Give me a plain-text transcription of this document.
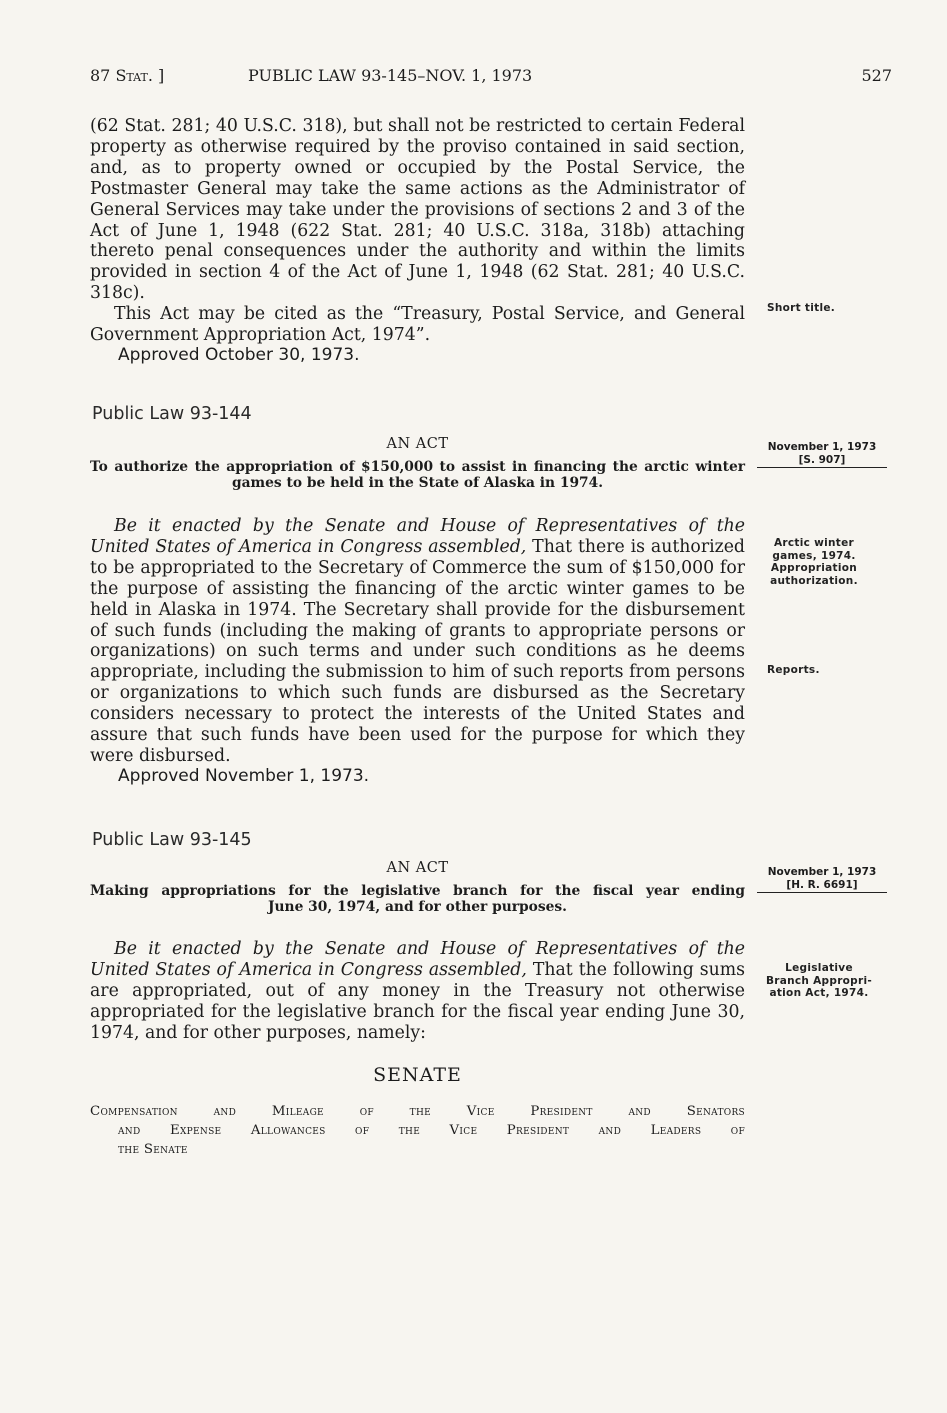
87 Stat. ]	PUBLIC LAW 93-145–NOV. 1, 1973	527

(62 Stat. 281; 40 U.S.C. 318), but shall not be restricted to certain Federal property as otherwise required by the proviso contained in said section, and, as to property owned or occupied by the Postal Service, the Postmaster General may take the same actions as the Administrator of General Services may take under the provisions of sections 2 and 3 of the Act of June 1, 1948 (622 Stat. 281; 40 U.S.C. 318a, 318b) attaching thereto penal consequences under the authority and within the limits provided in section 4 of the Act of June 1, 1948 (62 Stat. 281; 40 U.S.C. 318c).

This Act may be cited as the “Treasury, Postal Service, and General Government Appropriation Act, 1974”.

Short title.
Approved October 30, 1973.
Public Law 93-144
AN ACT	November 1, 1973
[S. 907]
To authorize the appropriation of $150,000 to assist in financing the arctic winter
games to be held in the State of Alaska in 1974.

Be it enacted by the Senate and House of Representatives of the United States of America in Congress assembled, That there is authorized to be appropriated to the Secretary of Commerce the sum of $150,000 for the purpose of assisting the financing of the arctic winter games to be held in Alaska in 1974. The Secretary shall provide for the disbursement of such funds (including the making of grants to appropriate persons or organizations) on such terms and under such conditions as he deems appropriate, including the submission to him of such reports from persons or organizations to which such funds are disbursed as the Secretary considers necessary to protect the interests of the United States and assure that such funds have been used for the purpose for which they were disbursed.

Arctic winter
games, 1974.
Appropriation
authorization.
Reports.
Approved November 1, 1973.
Public Law 93-145
AN ACT	November 1, 1973
[H. R. 6691]
Making appropriations for the legislative branch for the fiscal year ending
June 30, 1974, and for other purposes.

Be it enacted by the Senate and House of Representatives of the United States of America in Congress assembled, That the following sums are appropriated, out of any money in the Treasury not otherwise appropriated for the legislative branch for the fiscal year ending June 30, 1974, and for other purposes, namely:

Legislative
Branch Appropri-
ation Act, 1974.
SENATE
Compensation and Mileage of the Vice President and Senators
and Expense Allowances of the Vice President and Leaders of
the Senate
